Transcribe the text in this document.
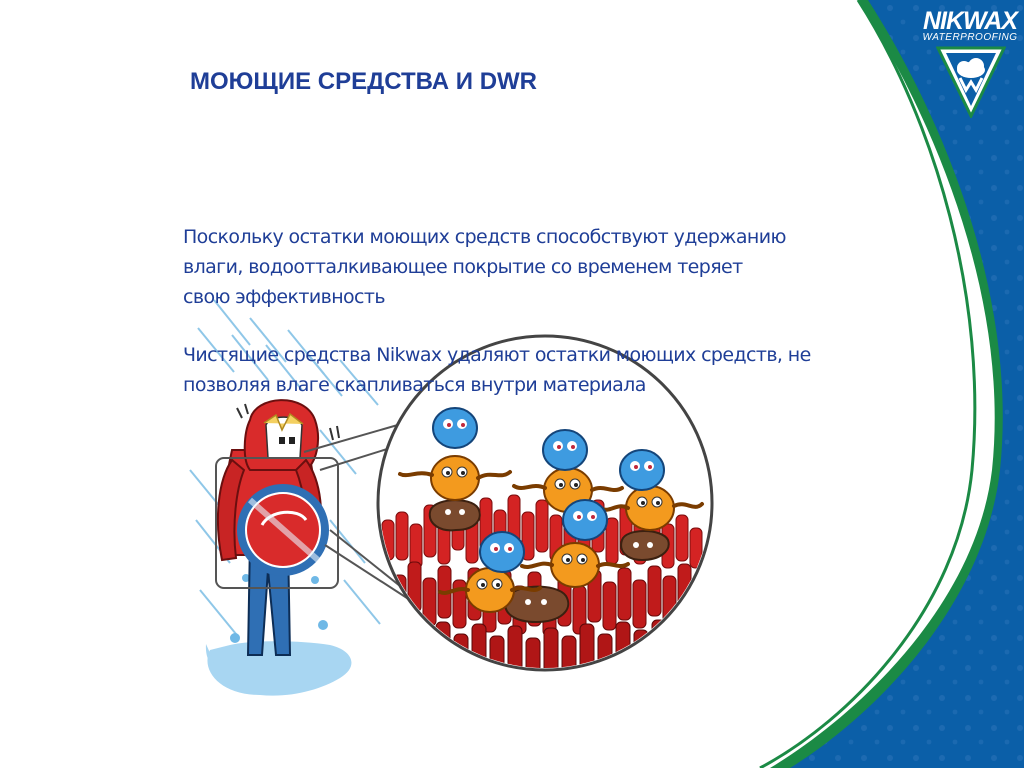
NIKWAX
WATERPROOFING
МОЮЩИЕ СРЕДСТВА И DWR

Поскольку остатки моющих средств способствуют удержанию влаги, водоотталкивающее покрытие со временем теряет свою эффективность

Чистящие средства Nikwax удаляют остатки моющих средств, не позволяя влаге скапливаться внутри материала
